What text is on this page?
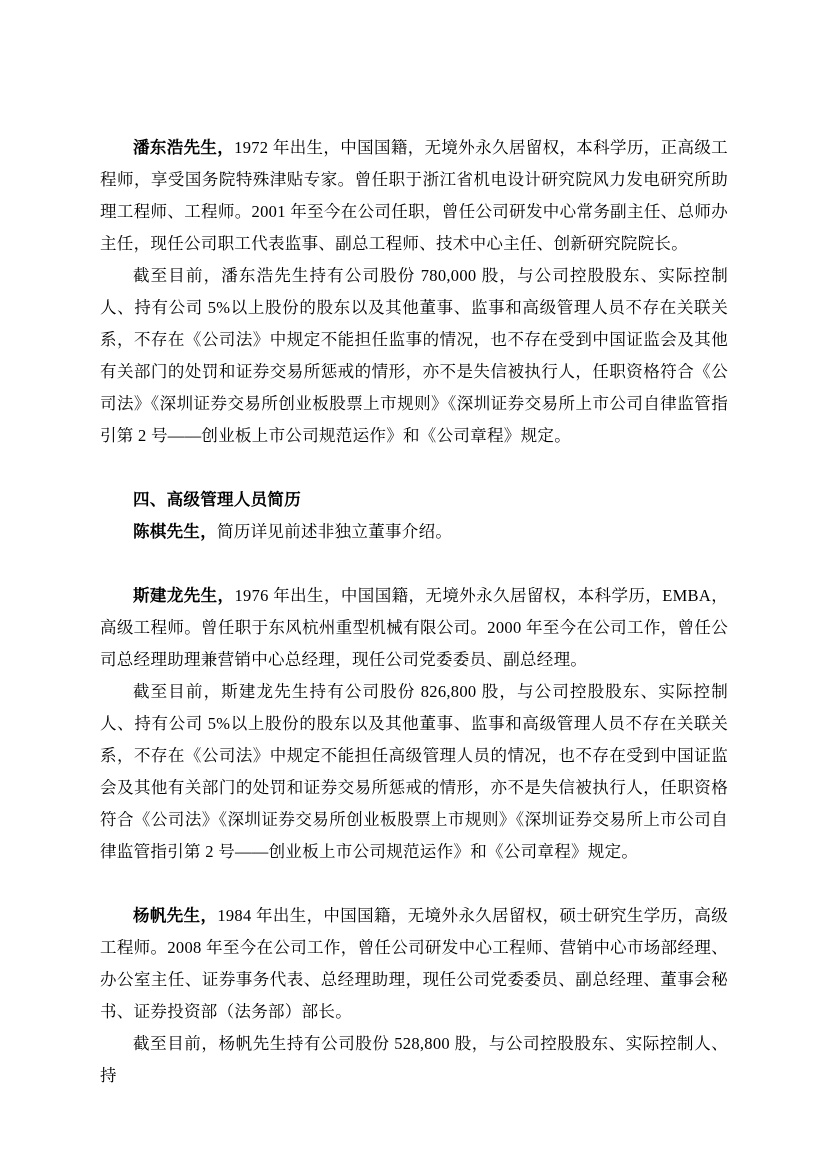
潘东浩先生，1972 年出生，中国国籍，无境外永久居留权，本科学历，正高级工程师，享受国务院特殊津贴专家。曾任职于浙江省机电设计研究院风力发电研究所助理工程师、工程师。2001 年至今在公司任职，曾任公司研发中心常务副主任、总师办主任，现任公司职工代表监事、副总工程师、技术中心主任、创新研究院院长。

截至目前，潘东浩先生持有公司股份 780,000 股，与公司控股股东、实际控制人、持有公司 5%以上股份的股东以及其他董事、监事和高级管理人员不存在关联关系，不存在《公司法》中规定不能担任监事的情况，也不存在受到中国证监会及其他有关部门的处罚和证券交易所惩戒的情形，亦不是失信被执行人，任职资格符合《公司法》《深圳证券交易所创业板股票上市规则》《深圳证券交易所上市公司自律监管指引第 2 号——创业板上市公司规范运作》和《公司章程》规定。

四、高级管理人员简历

陈棋先生，简历详见前述非独立董事介绍。

斯建龙先生，1976 年出生，中国国籍，无境外永久居留权，本科学历，EMBA，高级工程师。曾任职于东风杭州重型机械有限公司。2000 年至今在公司工作，曾任公司总经理助理兼营销中心总经理，现任公司党委委员、副总经理。

截至目前，斯建龙先生持有公司股份 826,800 股，与公司控股股东、实际控制人、持有公司 5%以上股份的股东以及其他董事、监事和高级管理人员不存在关联关系，不存在《公司法》中规定不能担任高级管理人员的情况，也不存在受到中国证监会及其他有关部门的处罚和证券交易所惩戒的情形，亦不是失信被执行人，任职资格符合《公司法》《深圳证券交易所创业板股票上市规则》《深圳证券交易所上市公司自律监管指引第 2 号——创业板上市公司规范运作》和《公司章程》规定。

杨帆先生，1984 年出生，中国国籍，无境外永久居留权，硕士研究生学历，高级工程师。2008 年至今在公司工作，曾任公司研发中心工程师、营销中心市场部经理、办公室主任、证券事务代表、总经理助理，现任公司党委委员、副总经理、董事会秘书、证券投资部（法务部）部长。

截至目前，杨帆先生持有公司股份 528,800 股，与公司控股股东、实际控制人、持
